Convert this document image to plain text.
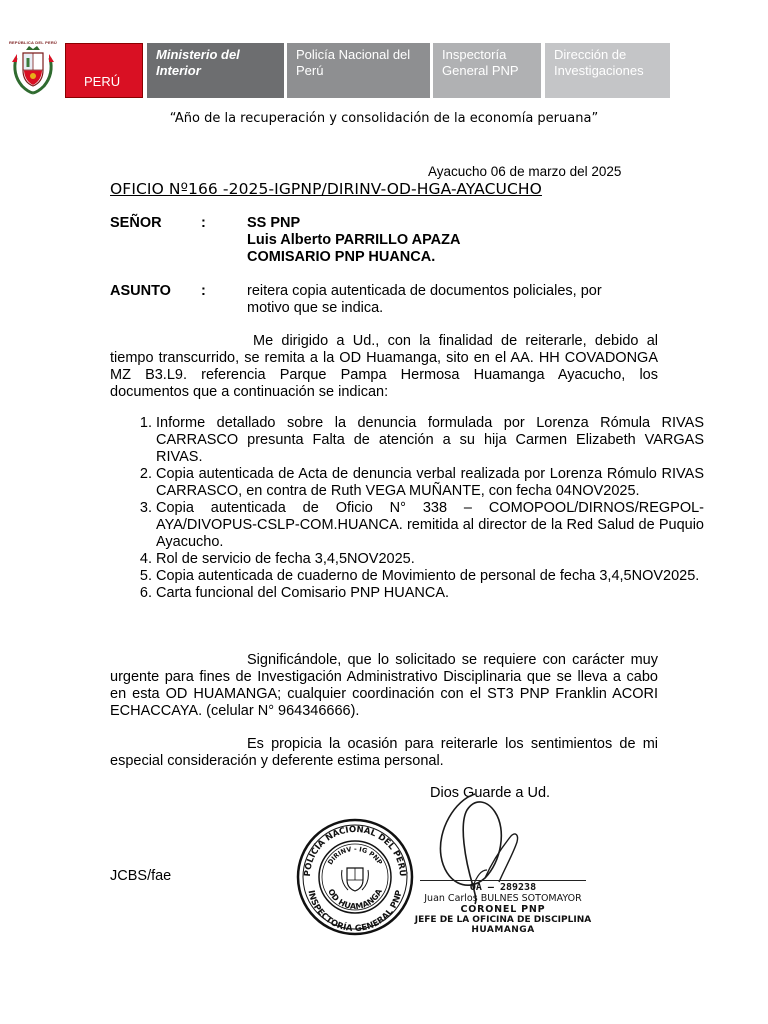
REPÚBLICA DEL PERÚ
PERÚ
Ministerio del Interior
Policía Nacional del Perú
Inspectoría General PNP
Dirección de Investigaciones
“Año de la recuperación y consolidación de la economía peruana”
Ayacucho 06 de marzo del 2025
OFICIO Nº166 -2025-IGPNP/DIRINV-OD-HGA-AYACUCHO
SEÑOR	:	SS PNP
Luis Alberto PARRILLO APAZA
COMISARIO PNP HUANCA.
ASUNTO :	reitera copia autenticada de documentos policiales, por
motivo que se indica.
Me dirigido a Ud., con la finalidad de reiterarle, debido al tiempo transcurrido, se remita a la OD Huamanga, sito en el AA. HH COVADONGA MZ B3.L9. referencia Parque Pampa Hermosa Huamanga Ayacucho, los documentos que a continuación se indican:
1. Informe detallado sobre la denuncia formulada por Lorenza Rómula RIVAS CARRASCO presunta Falta de atención a su hija Carmen Elizabeth VARGAS RIVAS.
2. Copia autenticada de Acta de denuncia verbal realizada por Lorenza Rómulo RIVAS CARRASCO, en contra de Ruth VEGA MUÑANTE, con fecha 04NOV2025.
3. Copia autenticada de Oficio N° 338 – COMOPOOL/DIRNOS/REGPOL-AYA/DIVOPUS-CSLP-COM.HUANCA. remitida al director de la Red Salud de Puquio Ayacucho.
4. Rol de servicio de fecha 3,4,5NOV2025.
5. Copia autenticada de cuaderno de Movimiento de personal de fecha 3,4,5NOV2025.
6. Carta funcional del Comisario PNP HUANCA.
Significándole, que lo solicitado se requiere con carácter muy urgente para fines de Investigación Administrativo Disciplinaria que se lleva a cabo en esta OD HUAMANGA; cualquier coordinación con el ST3 PNP Franklin ACORI ECHACCAYA. (celular N° 964346666).
Es propicia la ocasión para reiterarle los sentimientos de mi especial consideración y deferente estima personal.
Dios Guarde a Ud.
JCBS/fae	POLICÍA NACIONAL DEL PERÚ
INSPECTORÍA GENERAL PNP
DIRINV - IG PNP
OD HUAMANGA	OA – 289238
Juan Carlos BULNES SOTOMAYOR
CORONEL PNP
JEFE DE LA OFICINA DE DISCIPLINA
HUAMANGA
